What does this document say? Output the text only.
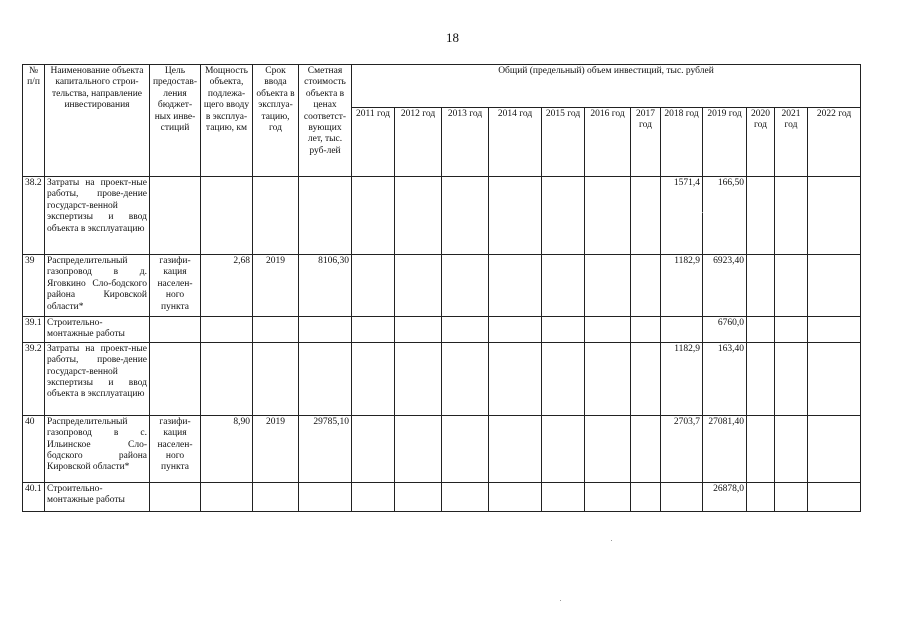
18
№ п/п	Наименование объекта капитального строи-тельства, направление инвестирования	Цель предостав-ления бюджет-ных инве-стиций	Мощность объекта, подлежа-щего вводу в эксплуа-тацию, км	Срок ввода объекта в эксплуа-тацию, год	Сметная стоимость объекта в ценах соответст-вующих лет, тыс. руб-лей	Общий (предельный) объем инвестиций, тыс. рублей											
						2011 год	2012 год	2013 год	2014 год	2015 год	2016 год	2017 год	2018 год	2019 год	2020 год	2021 год	2022 год
38.2	Затраты на проект-ные работы, прове-дение государст-венной экспертизы и ввод объекта в эксплуатацию												1571,4	166,50			
39	Распределительный газопровод в д. Яговкино Сло-бодского района Кировской области*	газифи-кация населен-ного пункта	2,68	2019	8106,30								1182,9	6923,40			
39.1	Строительно-монтажные работы													6760,0			
39.2	Затраты на проект-ные работы, прове-дение государст-венной экспертизы и ввод объекта в эксплуатацию												1182,9	163,40			
40	Распределительный газопровод в с. Ильинское Сло-бодского района Кировской области*	газифи-кация населен-ного пункта	8,90	2019	29785,10								2703,7	27081,40			
40.1	Строительно-монтажные работы													26878,0			
